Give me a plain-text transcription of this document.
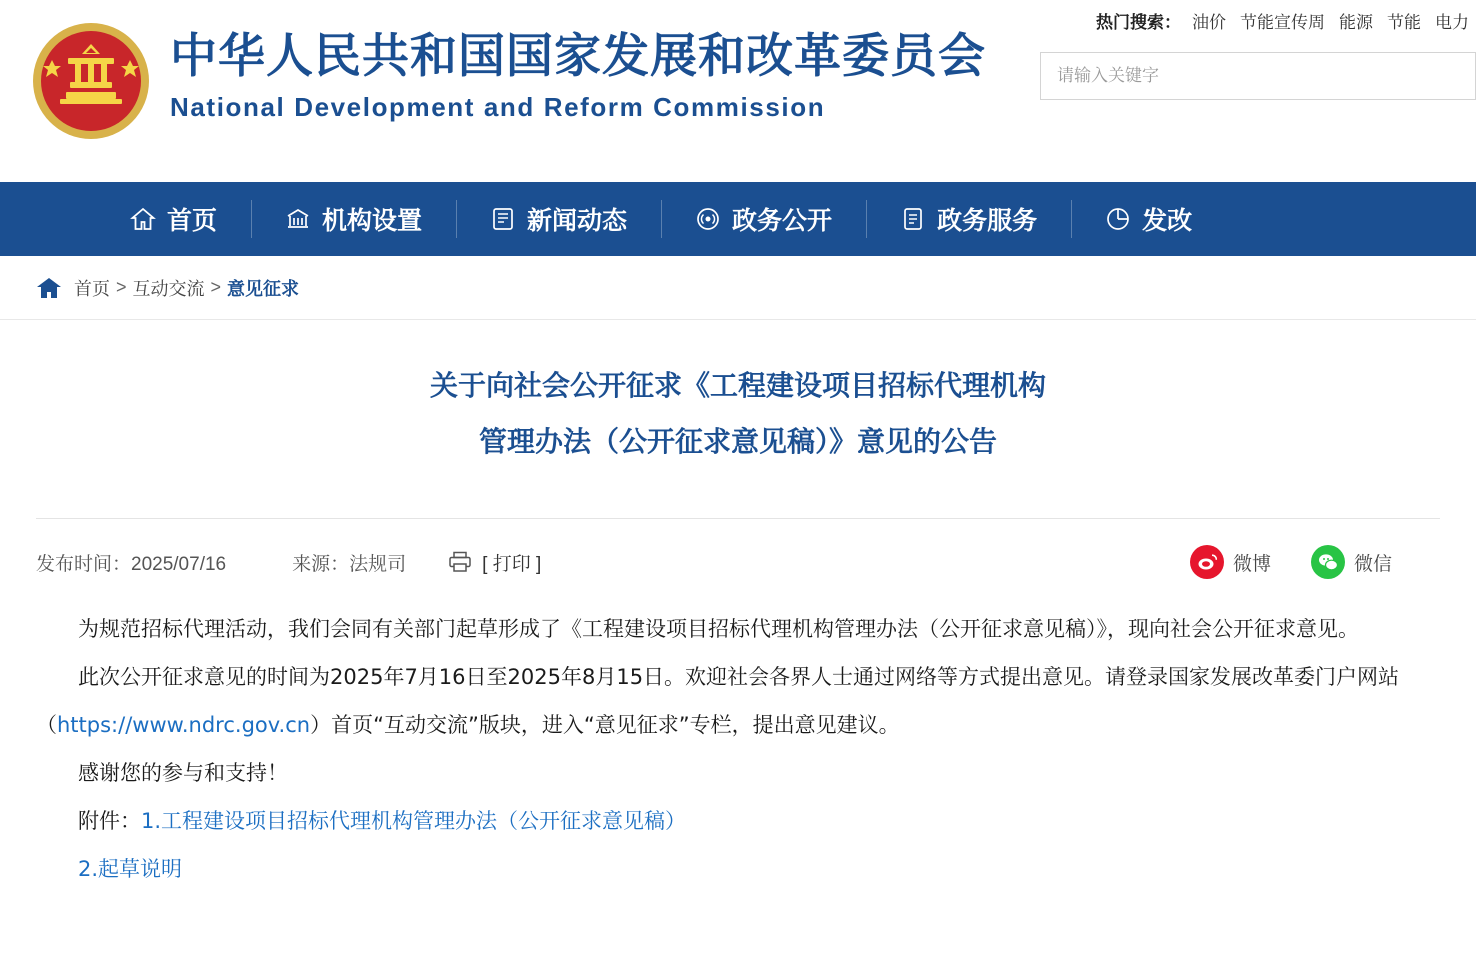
中华人民共和国国家发展和改革委员会
National Development and Reform Commission
热门搜索： 油价 节能宣传周 能源 节能 电力
请输入关键字
首页	机构设置	新闻动态	政务公开	政务服务	发改
首页 > 互动交流 > 意见征求
关于向社会公开征求《工程建设项目招标代理机构
管理办法（公开征求意见稿）》意见的公告
发布时间：2025/07/16	来源：法规司	[ 打印 ]	微博	微信

为规范招标代理活动，我们会同有关部门起草形成了《工程建设项目招标代理机构管理办法（公开征求意见稿）》，现向社会公开征求意见。

此次公开征求意见的时间为2025年7月16日至2025年8月15日。欢迎社会各界人士通过网络等方式提出意见。请登录国家发展改革委门户网站（https://www.ndrc.gov.cn）首页“互动交流”版块，进入“意见征求”专栏，提出意见建议。

感谢您的参与和支持！

附件：1.工程建设项目招标代理机构管理办法（公开征求意见稿）

2.起草说明
